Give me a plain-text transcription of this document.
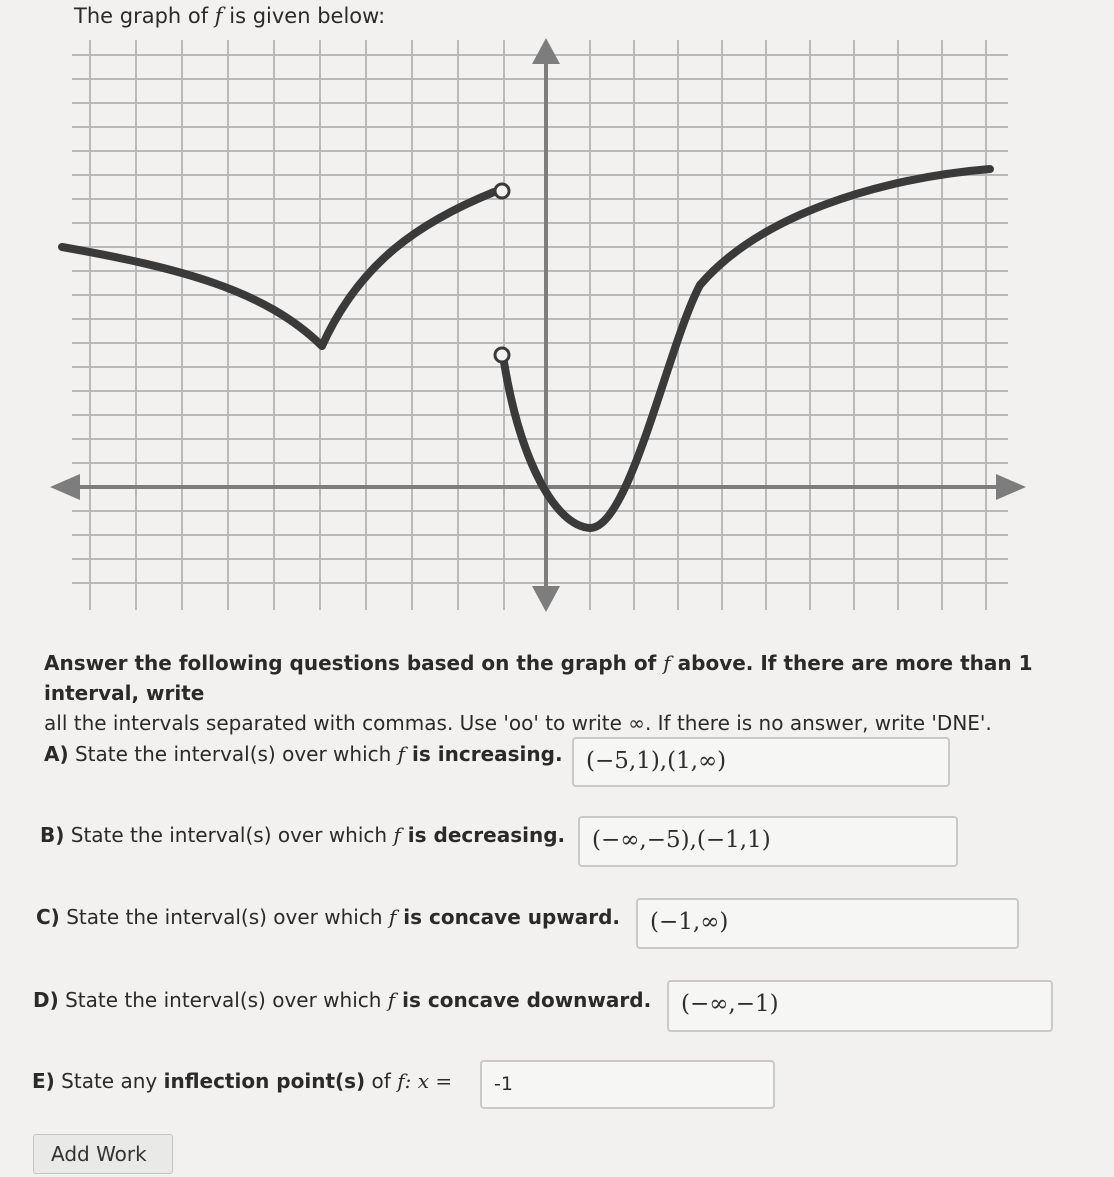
The graph of f is given below:
Answer the following questions based on the graph of f above. If there are more than 1 interval, write
all the intervals separated with commas. Use 'oo' to write ∞. If there is no answer, write 'DNE'.
A) State the interval(s) over which f is increasing.	(−5,1),(1,∞)
B) State the interval(s) over which f is decreasing.	(−∞,−5),(−1,1)
C) State the interval(s) over which f is concave upward.	(−1,∞)
D) State the interval(s) over which f is concave downward.	(−∞,−1)
E) State any inflection point(s) of f: x =	-1
Add Work
